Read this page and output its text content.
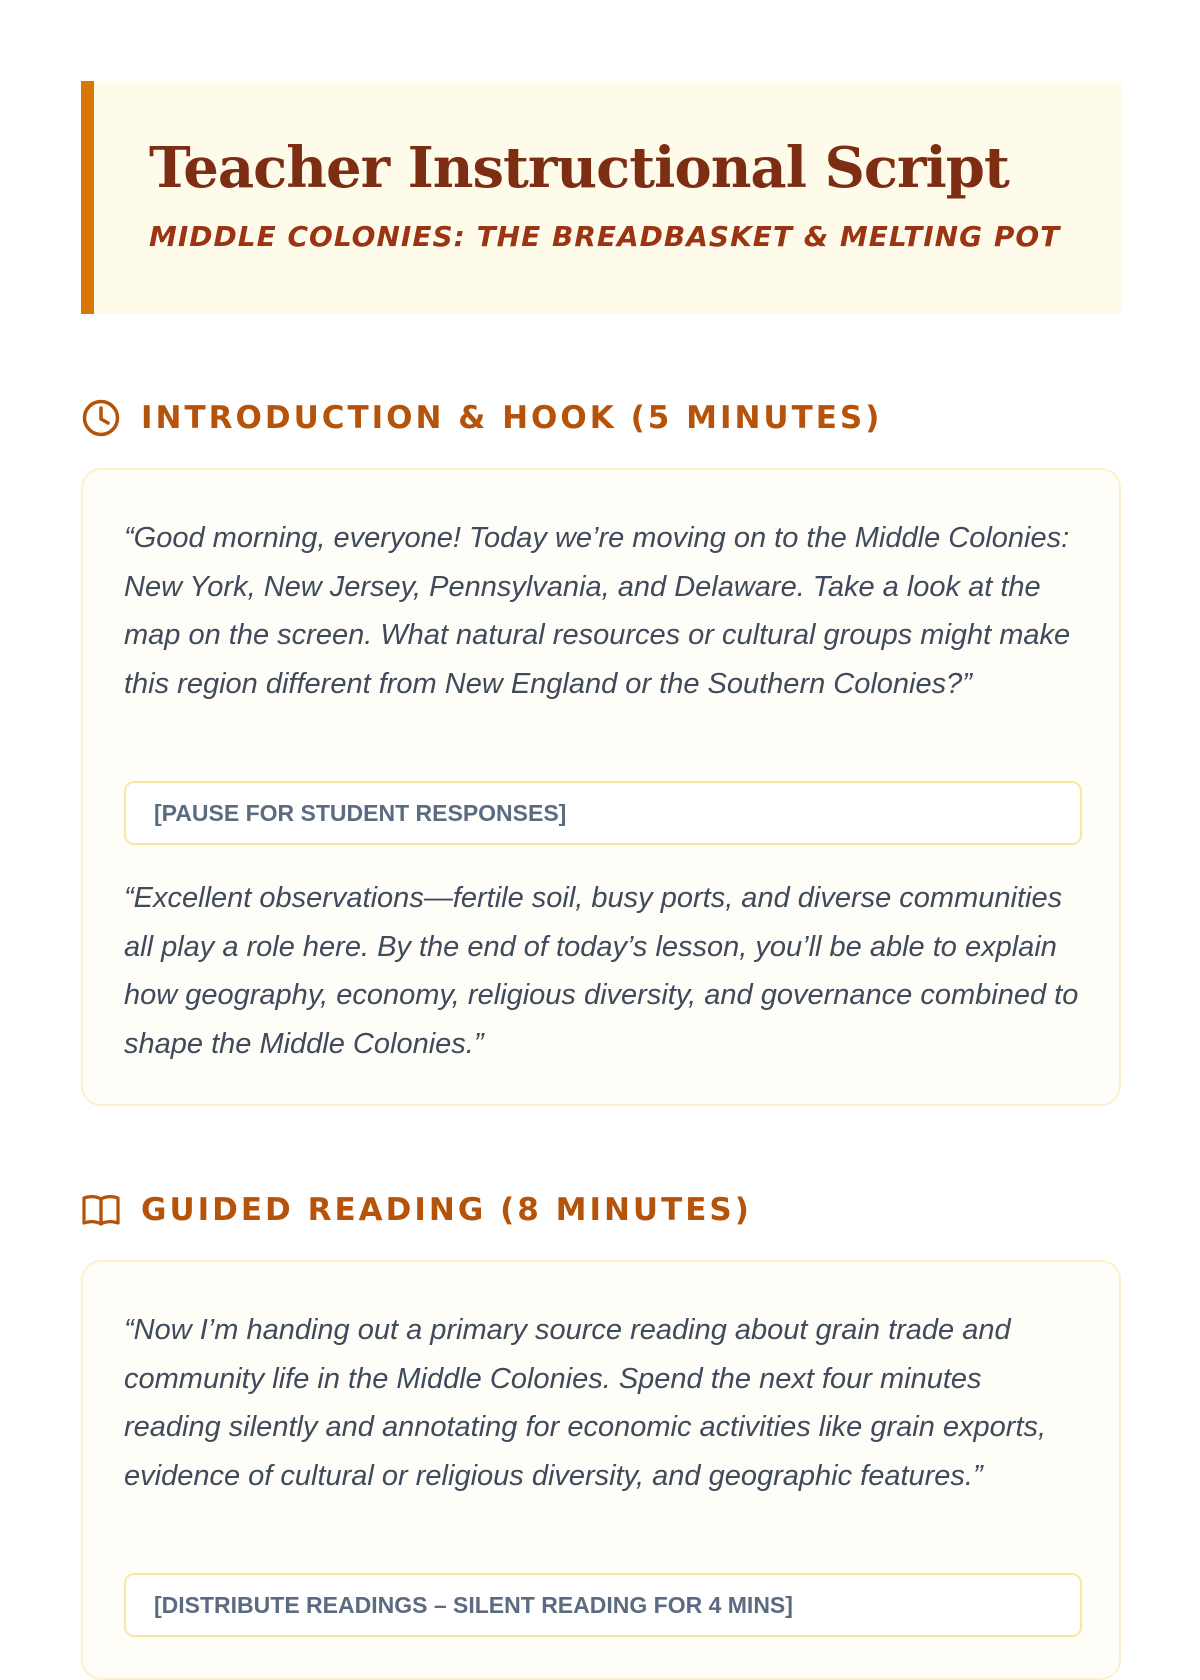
Teacher Instructional Script

MIDDLE COLONIES: THE BREADBASKET & MELTING POT

INTRODUCTION & HOOK (5 MINUTES)

“Good morning, everyone! Today we’re moving on to the Middle Colonies: New York, New Jersey, Pennsylvania, and Delaware. Take a look at the map on the screen. What natural resources or cultural groups might make this region different from New England or the Southern Colonies?”

[PAUSE FOR STUDENT RESPONSES]

“Excellent observations—fertile soil, busy ports, and diverse communities all play a role here. By the end of today’s lesson, you’ll be able to explain how geography, economy, religious diversity, and governance combined to shape the Middle Colonies.”

GUIDED READING (8 MINUTES)

“Now I’m handing out a primary source reading about grain trade and community life in the Middle Colonies. Spend the next four minutes reading silently and annotating for economic activities like grain exports, evidence of cultural or religious diversity, and geographic features.”

[DISTRIBUTE READINGS – SILENT READING FOR 4 MINS]
